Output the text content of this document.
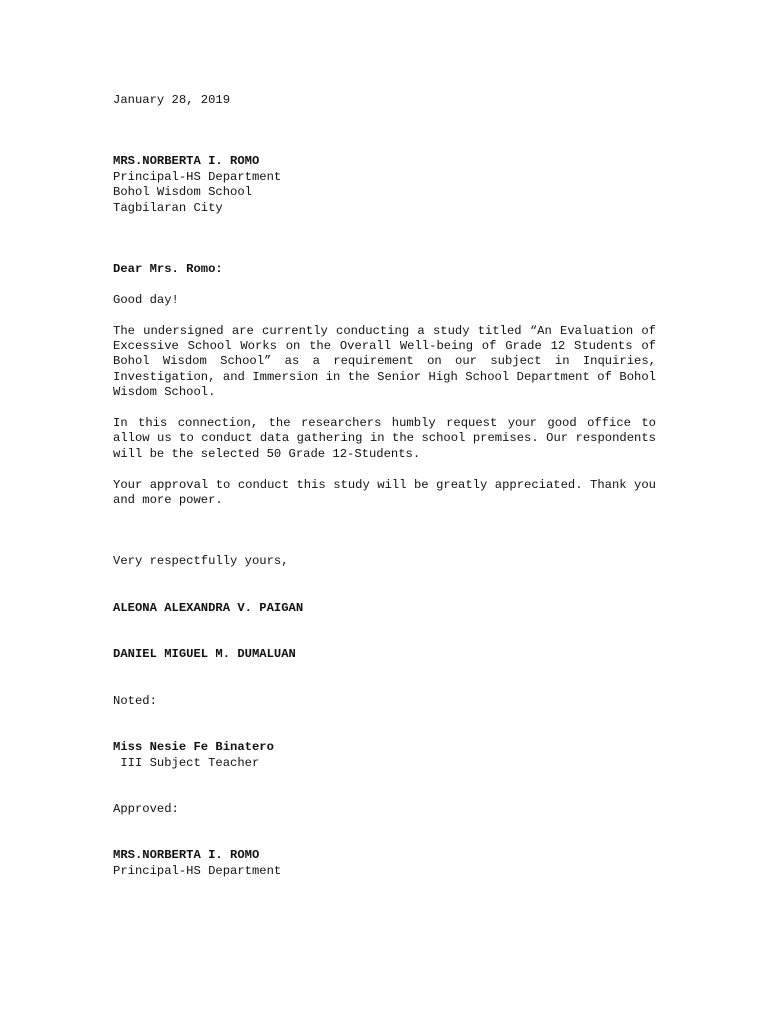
January 28, 2019
MRS.NORBERTA I. ROMO
Principal-HS Department
Bohol Wisdom School
Tagbilaran City
Dear Mrs. Romo:
Good day!
The undersigned are currently conducting a study titled “An Evaluation of Excessive School Works on the Overall Well-being of Grade 12 Students of Bohol Wisdom School” as a requirement on our subject in Inquiries, Investigation, and Immersion in the Senior High School Department of Bohol Wisdom School.
In this connection, the researchers humbly request your good office to allow us to conduct data gathering in the school premises. Our respondents will be the selected 50 Grade 12-Students.
Your approval to conduct this study will be greatly appreciated. Thank you and more power.
Very respectfully yours,
ALEONA ALEXANDRA V. PAIGAN
DANIEL MIGUEL M. DUMALUAN
Noted:
Miss Nesie Fe Binatero
III Subject Teacher
Approved:
MRS.NORBERTA I. ROMO
Principal-HS Department
